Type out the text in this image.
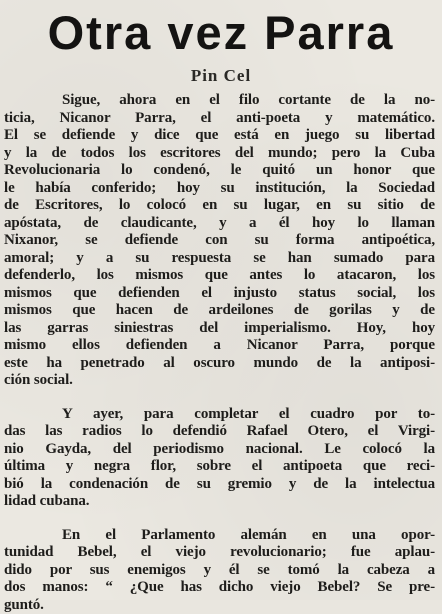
Otra vez Parra
Pin Cel
Sigue, ahora en el filo cortante de la no-
ticia, Nicanor Parra, el anti-poeta y matemático.
El se defiende y dice que está en juego su libertad
y la de todos los escritores del mundo; pero la Cuba
Revolucionaria lo condenó, le quitó un honor que
le había conferido; hoy su institución, la Sociedad
de Escritores, lo colocó en su lugar, en su sitio de
apóstata, de claudicante, y a él hoy lo llaman
Nixanor, se defiende con su forma antipoética,
amoral; y a su respuesta se han sumado para
defenderlo, los mismos que antes lo atacaron, los
mismos que defienden el injusto status social, los
mismos que hacen de ardeilones de gorilas y de
las garras siniestras del imperialismo. Hoy, hoy
mismo ellos defienden a Nicanor Parra, porque
este ha penetrado al oscuro mundo de la antiposi-
ción social.
Y ayer, para completar el cuadro por to-
das las radios lo defendió Rafael Otero, el Virgi-
nio Gayda, del periodismo nacional. Le colocó la
última y negra flor, sobre el antipoeta que reci-
bió la condenación de su gremio y de la intelectua
lidad cubana.
En el Parlamento alemán en una opor-
tunidad Bebel, el viejo revolucionario; fue aplau-
dido por sus enemigos y él se tomó la cabeza a
dos manos: “ ¿Que has dicho viejo Bebel? Se pre-
guntó.
